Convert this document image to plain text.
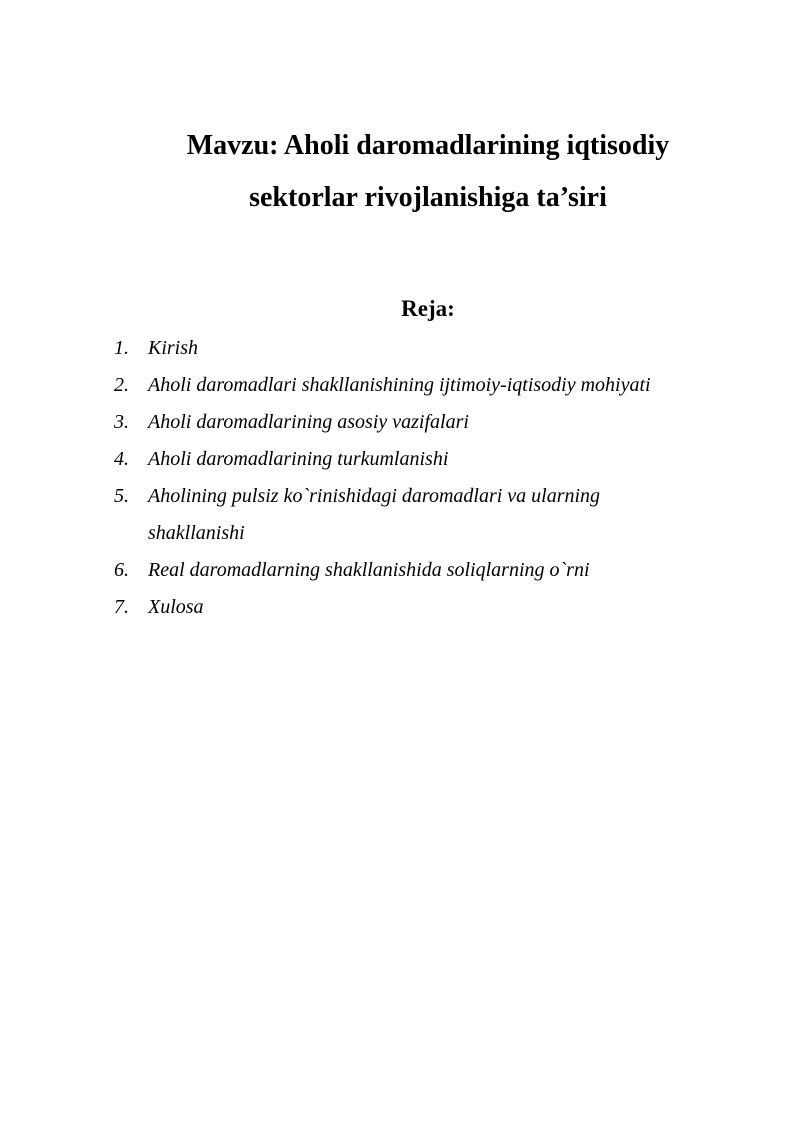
Mavzu: Aholi daromadlarining iqtisodiy
sektorlar rivojlanishiga ta’siri
Reja:
1. Kirish
2. Aholi daromadlari shakllanishining ijtimoiy-iqtisodiy mohiyati
3. Aholi daromadlarining asosiy vazifalari
4. Aholi daromadlarining turkumlanishi
5. Aholining pulsiz ko`rinishidagi daromadlari va ularning shakllanishi
6. Real daromadlarning shakllanishida soliqlarning o`rni
7. Xulosa
